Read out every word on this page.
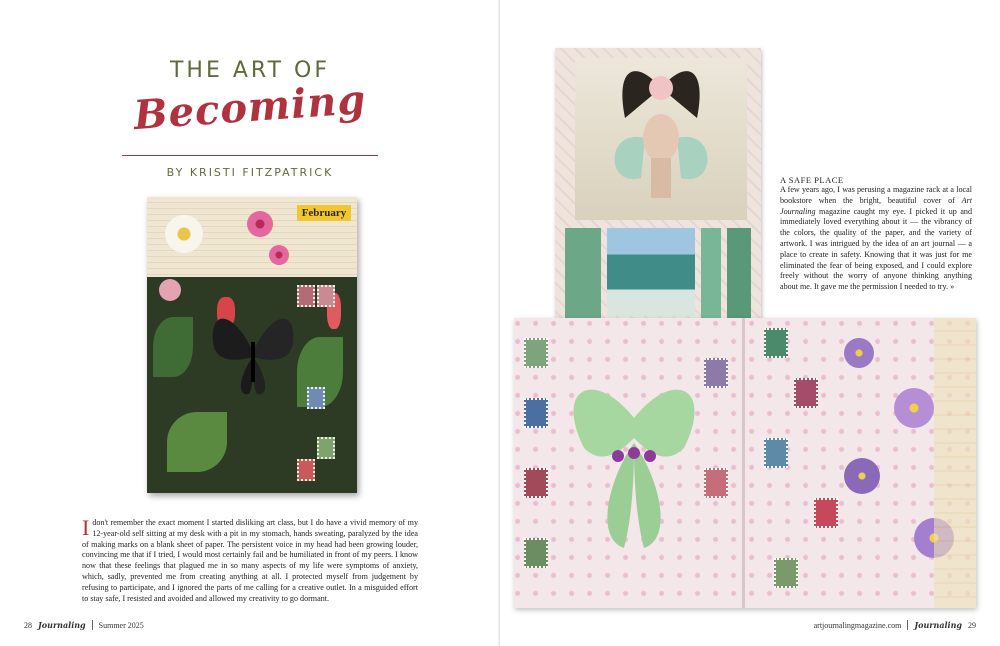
THE ART OF
Becoming
BY KRISTI FITZPATRICK
February
Idon't remember the exact moment I started disliking art class, but I do have a vivid memory of my 12-year-old self sitting at my desk with a pit in my stomach, hands sweating, paralyzed by the idea of making marks on a blank sheet of paper. The persistent voice in my head had been growing louder, convincing me that if I tried, I would most certainly fail and be humiliated in front of my peers. I know now that these feelings that plagued me in so many aspects of my life were symptoms of anxiety, which, sadly, prevented me from creating anything at all. I protected myself from judgement by refusing to participate, and I ignored the parts of me calling for a creative outlet. In a misguided effort to stay safe, I resisted and avoided and allowed my creativity to go dormant.
28 Journaling Summer 2025
A SAFE PLACE
A few years ago, I was perusing a magazine rack at a local bookstore when the bright, beautiful cover of Art Journaling magazine caught my eye. I picked it up and immediately loved everything about it — the vibrancy of the colors, the quality of the paper, and the variety of artwork. I was intrigued by the idea of an art journal — a place to create in safety. Knowing that it was just for me eliminated the fear of being exposed, and I could explore freely without the worry of anyone thinking anything about me. It gave me the permission I needed to try. »
artjournalingmagazine.com Journaling 29
